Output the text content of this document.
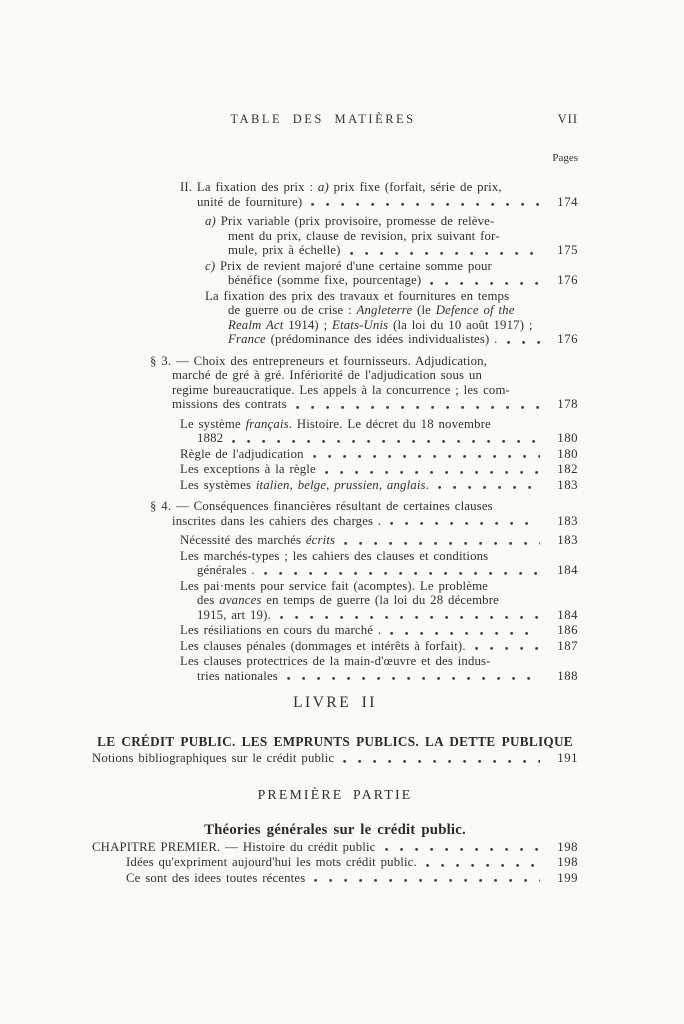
TABLE DES MATIÈRES	VII
Pages
II. La fixation des prix : a) prix fixe (forfait, série de prix,
unité de fourniture)	174
a) Prix variable (prix provisoire, promesse de relève-
ment du prix, clause de revision, prix suivant for-
mule, prix à échelle)	175
c) Prix de revient majoré d'une certaine somme pour
bénéfice (somme fixe, pourcentage)	176
La fixation des prix des travaux et fournitures en temps
de guerre ou de crise : Angleterre (le Defence of the
Realm Act 1914) ; Etats-Unis (la loi du 10 août 1917) ;
France (prédominance des idées individualistes) .	176
§ 3. — Choix des entrepreneurs et fournisseurs. Adjudication,
marché de gré à gré. Infériorité de l'adjudication sous un
regime bureaucratique. Les appels à la concurrence ; les com-
missions des contrats	178
Le système français. Histoire. Le décret du 18 novembre
1882	180
Règle de l'adjudication	180
Les exceptions à la règle	182
Les systèmes italien, belge, prussien, anglais.	183
§ 4. — Conséquences financières résultant de certaines clauses
inscrites dans les cahiers des charges .	183
Nécessité des marchés écrits	183
Les marchés-types ; les cahiers des clauses et conditions
générales .	184
Les pai·ments pour service fait (acomptes). Le problème
des avances en temps de guerre (la loi du 28 décembre
1915, art 19).	184
Les résiliations en cours du marché .	186
Les clauses pénales (dommages et intérêts à forfait).	187
Les clauses protectrices de la main-d'œuvre et des indus-
tries nationales	188
LIVRE II
LE CRÉDIT PUBLIC. LES EMPRUNTS PUBLICS. LA DETTE PUBLIQUE
Notions bibliographiques sur le crédit public	191
PREMIÈRE PARTIE
Théories générales sur le crédit public.
CHAPITRE PREMIER. — Histoire du crédit public	198
Idées qu'expriment aujourd'hui les mots crédit public.	198
Ce sont des idees toutes récentes	199
